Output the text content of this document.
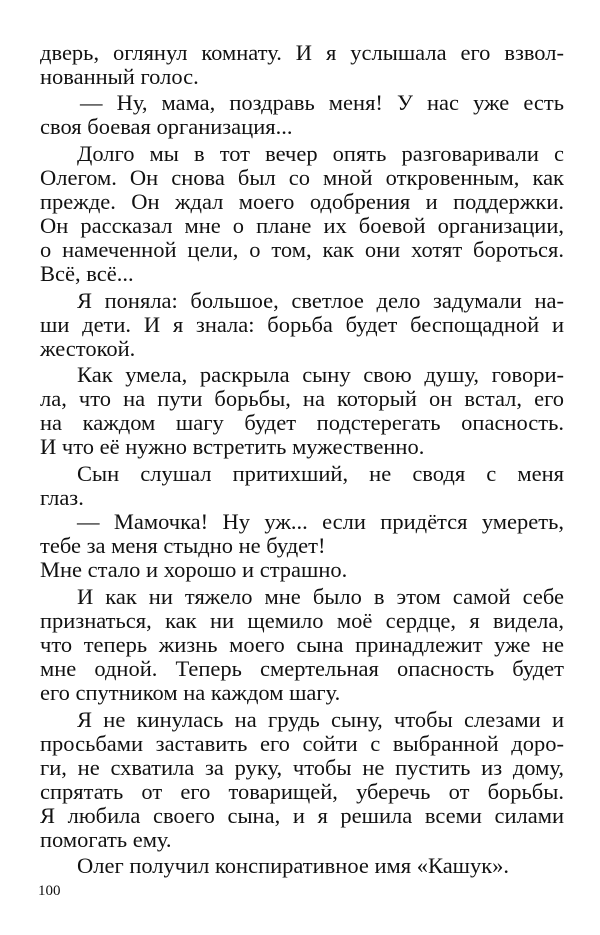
дверь, оглянул комнату. И я услышала его взвол-
нованный голос.
— Ну, мама, поздравь меня! У нас уже есть
своя боевая организация...
Долго мы в тот вечер опять разговаривали с
Олегом. Он снова был со мной откровенным, как
прежде. Он ждал моего одобрения и поддержки.
Он рассказал мне о плане их боевой организации,
о намеченной цели, о том, как они хотят бороться.
Всё, всё...
Я поняла: большое, светлое дело задумали на-
ши дети. И я знала: борьба будет беспощадной и
жестокой.
Как умела, раскрыла сыну свою душу, говори-
ла, что на пути борьбы, на который он встал, его
на каждом шагу будет подстерегать опасность.
И что её нужно встретить мужественно.
Сын слушал притихший, не сводя с меня
глаз.
— Мамочка! Ну уж... если придётся умереть,
тебе за меня стыдно не будет!
Мне стало и хорошо и страшно.
И как ни тяжело мне было в этом самой себе
признаться, как ни щемило моё сердце, я видела,
что теперь жизнь моего сына принадлежит уже не
мне одной. Теперь смертельная опасность будет
его спутником на каждом шагу.
Я не кинулась на грудь сыну, чтобы слезами и
просьбами заставить его сойти с выбранной доро-
ги, не схватила за руку, чтобы не пустить из дому,
спрятать от его товарищей, уберечь от борьбы.
Я любила своего сына, и я решила всеми силами
помогать ему.
Олег получил конспиративное имя «Кашук».
100
